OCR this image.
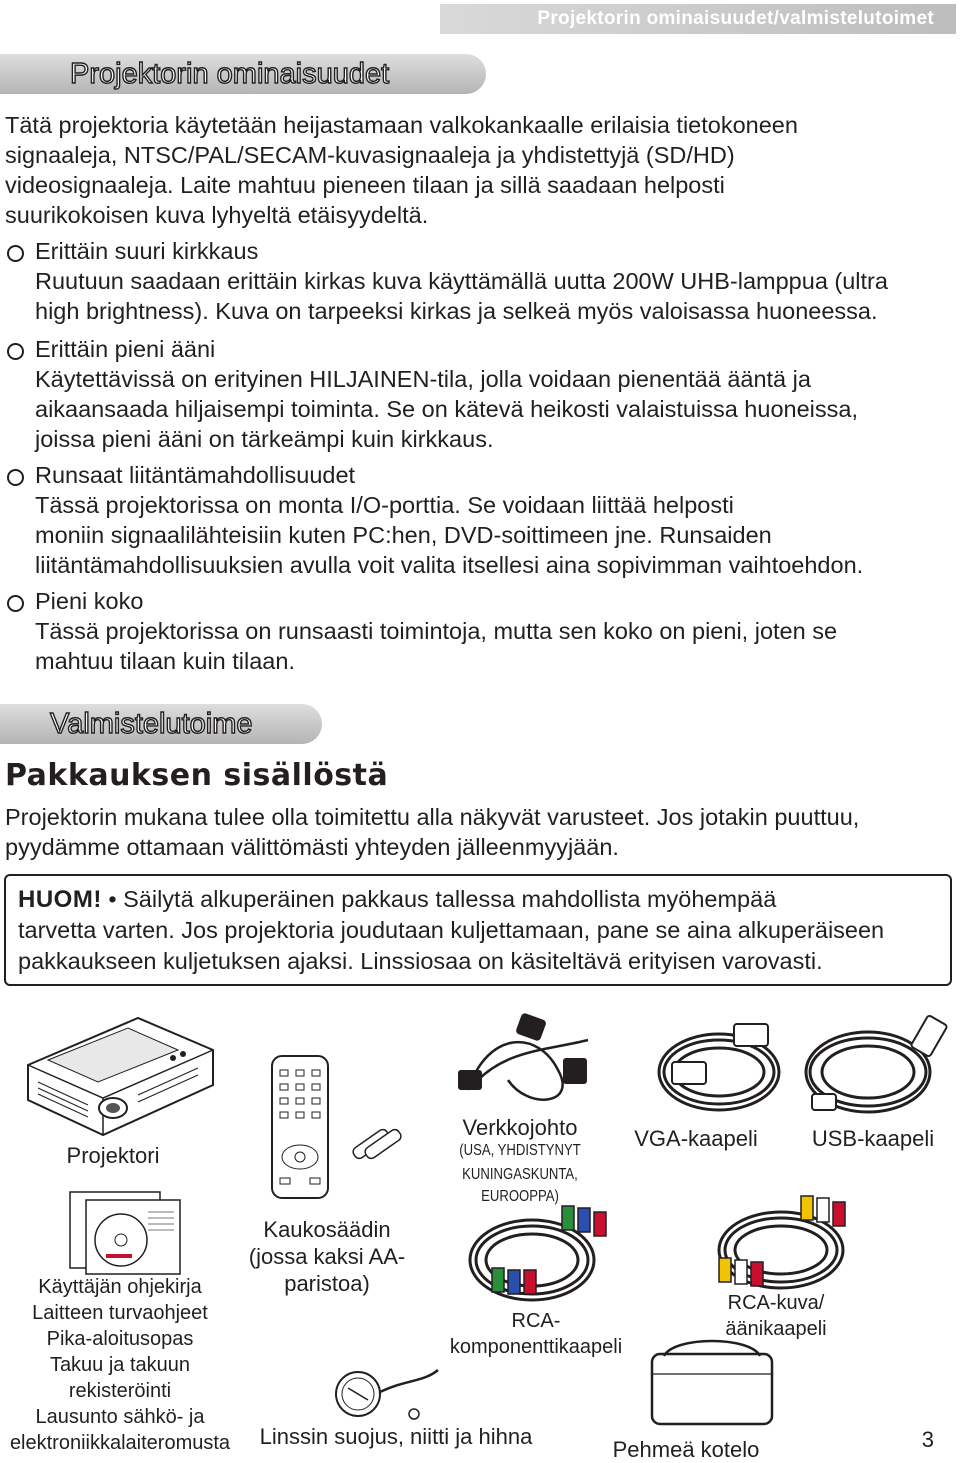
Projektorin ominaisuudet/valmistelutoimet
Projektorin ominaisuudet
Tätä projektoria käytetään heijastamaan valkokankaalle erilaisia tietokoneen
signaaleja, NTSC/PAL/SECAM-kuvasignaaleja ja yhdistettyjä (SD/HD)
videosignaaleja. Laite mahtuu pieneen tilaan ja sillä saadaan helposti
suurikokoisen kuva lyhyeltä etäisyydeltä.
Erittäin suuri kirkkaus
Ruutuun saadaan erittäin kirkas kuva käyttämällä uutta 200W UHB-lamppua (ultra
high brightness). Kuva on tarpeeksi kirkas ja selkeä myös valoisassa huoneessa.
Erittäin pieni ääni
Käytettävissä on erityinen HILJAINEN-tila, jolla voidaan pienentää ääntä ja
aikaansaada hiljaisempi toiminta. Se on kätevä heikosti valaistuissa huoneissa,
joissa pieni ääni on tärkeämpi kuin kirkkaus.
Runsaat liitäntämahdollisuudet
Tässä projektorissa on monta I/O-porttia. Se voidaan liittää helposti
moniin signaalilähteisiin kuten PC:hen, DVD-soittimeen jne. Runsaiden
liitäntämahdollisuuksien avulla voit valita itsellesi aina sopivimman vaihtoehdon.
Pieni koko
Tässä projektorissa on runsaasti toimintoja, mutta sen koko on pieni, joten se
mahtuu tilaan kuin tilaan.
Valmistelutoime
Pakkauksen sisällöstä
Projektorin mukana tulee olla toimitettu alla näkyvät varusteet. Jos jotakin puuttuu,
pyydämme ottamaan välittömästi yhteyden jälleenmyyjään.
HUOM! • Säilytä alkuperäinen pakkaus tallessa mahdollista myöhempää
tarvetta varten. Jos projektoria joudutaan kuljettamaan, pane se aina alkuperäiseen
pakkaukseen kuljetuksen ajaksi. Linssiosaa on käsiteltävä erityisen varovasti.
Projektori
Verkkojohto
(USA, YHDISTYNYT
KUNINGASKUNTA, EUROOPPA)
VGA-kaapeli	USB-kaapeli
Kaukosäädin
(jossa kaksi AA-
paristoa)
Käyttäjän ohjekirja
Laitteen turvaohjeet
Pika-aloitusopas
Takuu ja takuun
rekisteröinti
Lausunto sähkö- ja
elektroniikkalaiteromusta
RCA-
komponenttikaapeli
RCA-kuva/
äänikaapeli
Linssin suojus, niitti ja hihna
Pehmeä kotelo	3
